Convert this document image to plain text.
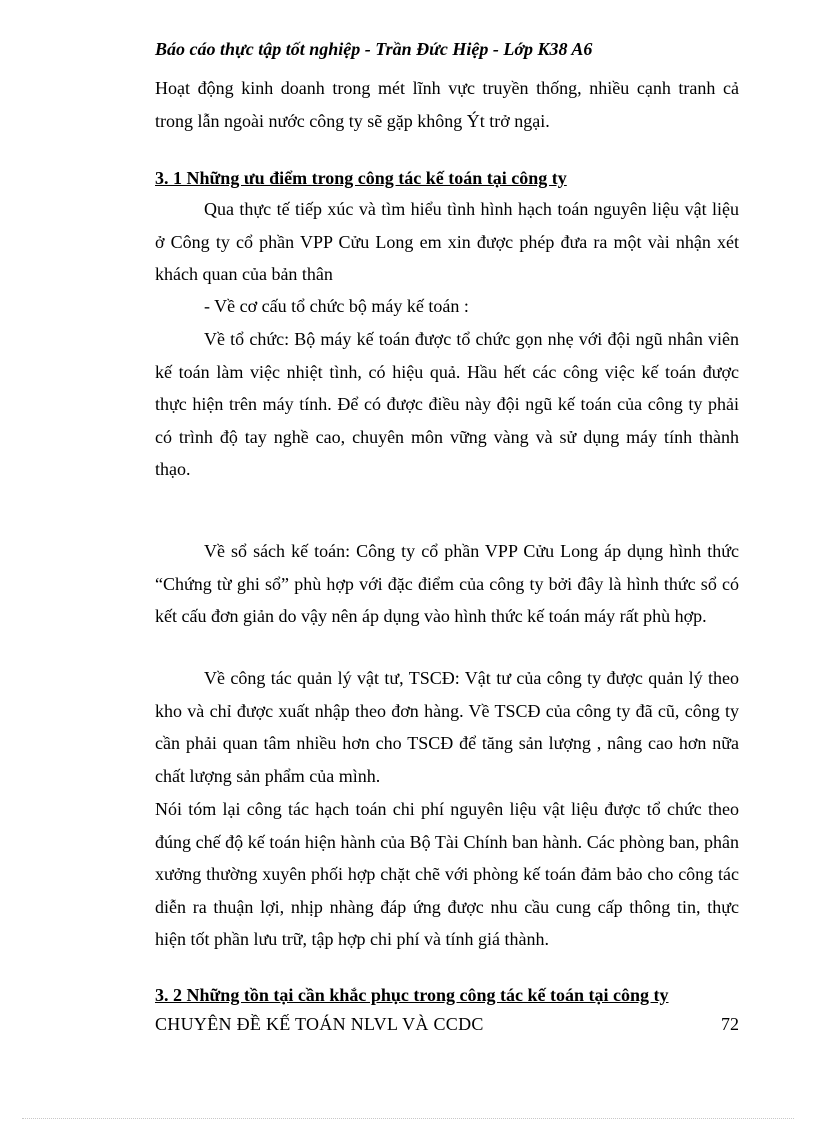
Báo cáo thực tập tốt nghiệp - Trần Đức Hiệp - Lớp K38 A6
Hoạt động kinh doanh trong mét lĩnh vực truyền thống, nhiều cạnh tranh cả trong lẫn ngoài nước công ty sẽ gặp không Ýt trở ngại.
3. 1 Những ưu điểm trong công tác kế toán tại công ty
Qua thực tế tiếp xúc và tìm hiểu tình hình hạch toán nguyên liệu vật liệu ở Công ty cổ phần VPP Cửu Long em xin được phép đưa ra một vài nhận xét khách quan của bản thân
- Về cơ cấu tổ chức bộ máy kế toán :
Về tổ chức: Bộ máy kế toán được tổ chức gọn nhẹ với đội ngũ nhân viên kế toán làm việc nhiệt tình, có hiệu quả. Hầu hết các công việc kế toán được thực hiện trên máy tính. Để có được điều này đội ngũ kế toán của công ty phải có trình độ tay nghề cao, chuyên môn vững vàng và sử dụng máy tính thành thạo.
Về sổ sách kế toán: Công ty cổ phần VPP Cửu Long áp dụng hình thức “Chứng từ ghi sổ” phù hợp với đặc điểm của công ty bởi đây là hình thức sổ có kết cấu đơn giản do vậy nên áp dụng vào hình thức kế toán máy rất phù hợp.
Về công tác quản lý vật tư, TSCĐ: Vật tư của công ty được quản lý theo kho và chỉ được xuất nhập theo đơn hàng. Về TSCĐ của công ty đã cũ, công ty cần phải quan tâm nhiều hơn cho TSCĐ để tăng sản lượng , nâng cao hơn nữa chất lượng sản phẩm của mình.
Nói tóm lại công tác hạch toán chi phí nguyên liệu vật liệu được tổ chức theo đúng chế độ kế toán hiện hành của Bộ Tài Chính ban hành. Các phòng ban, phân xưởng thường xuyên phối hợp chặt chẽ với phòng kế toán đảm bảo cho công tác diễn ra thuận lợi, nhịp nhàng đáp ứng được nhu cầu cung cấp thông tin, thực hiện tốt phần lưu trữ, tập hợp chi phí và tính giá thành.
3. 2 Những tồn tại cần khắc phục trong công tác kế toán tại công ty
CHUYÊN ĐỀ KẾ TOÁN NLVL VÀ CCDC	72
